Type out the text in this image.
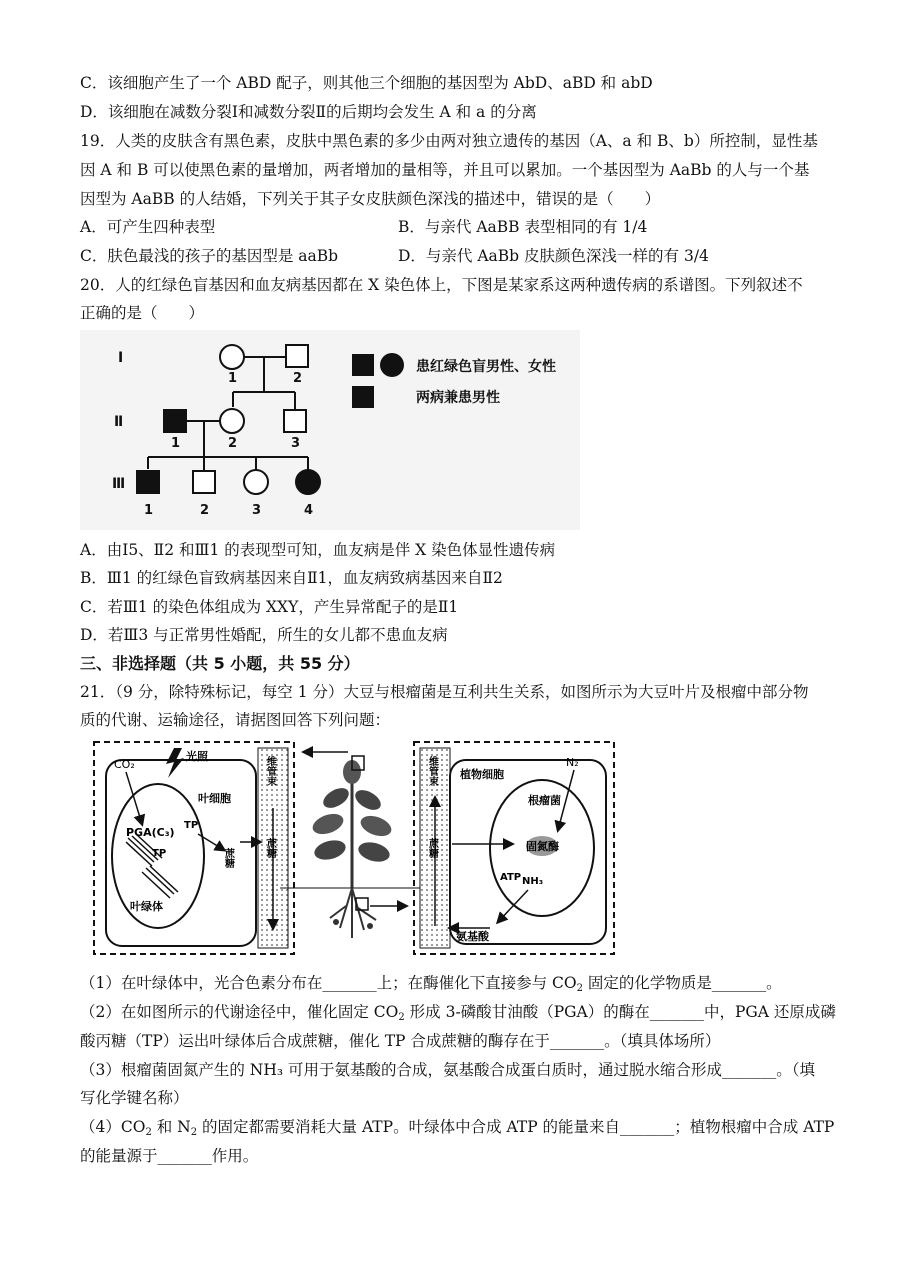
C．该细胞产生了一个 ABD 配子，则其他三个细胞的基因型为 AbD、aBD 和 abD
D．该细胞在减数分裂Ⅰ和减数分裂Ⅱ的后期均会发生 A 和 a 的分离
19．人类的皮肤含有黑色素，皮肤中黑色素的多少由两对独立遗传的基因（A、a 和 B、b）所控制，显性基
因 A 和 B 可以使黑色素的量增加，两者增加的量相等，并且可以累加。一个基因型为 AaBb 的人与一个基
因型为 AaBB 的人结婚，下列关于其子女皮肤颜色深浅的描述中，错误的是（　　）
A．可产生四种表型	B．与亲代 AaBB 表型相同的有 1/4
C．肤色最浅的孩子的基因型是 aaBb	D．与亲代 AaBb 皮肤颜色深浅一样的有 3/4
20．人的红绿色盲基因和血友病基因都在 X 染色体上，下图是某家系这两种遗传病的系谱图。下列叙述不
正确的是（　　）
Ⅰ
Ⅱ
Ⅲ
1	2
1	2	3
1	2	3	4
患红绿色盲男性、女性
两病兼患男性
A．由Ⅰ5、Ⅱ2 和Ⅲ1 的表现型可知，血友病是伴 X 染色体显性遗传病
B．Ⅲ1 的红绿色盲致病基因来自Ⅱ1，血友病致病基因来自Ⅱ2
C．若Ⅲ1 的染色体组成为 XXY，产生异常配子的是Ⅱ1
D．若Ⅲ3 与正常男性婚配，所生的女儿都不患血友病
三、非选择题（共 5 小题，共 55 分）
21．（9 分，除特殊标记，每空 1 分）大豆与根瘤菌是互利共生关系，如图所示为大豆叶片及根瘤中部分物
质的代谢、运输途径，请据图回答下列问题：
光照
CO₂
叶细胞
PGA(C₃)
TP
TP	蔗糖
叶绿体
维管束
蔗糖
维管束
蔗糖
植物细胞
根瘤菌
N₂
固氮酶
ATP NH₃
氨基酸
（1）在叶绿体中，光合色素分布在_______上；在酶催化下直接参与 $CO_2$ 固定的化学物质是_______。
（2）在如图所示的代谢途径中，催化固定 $CO_2$ 形成 3-磷酸甘油酸（PGA）的酶在_______中，PGA 还原成磷
酸丙糖（TP）运出叶绿体后合成蔗糖，催化 TP 合成蔗糖的酶存在于_______。（填具体场所）
（3）根瘤菌固氮产生的 NH₃ 可用于氨基酸的合成，氨基酸合成蛋白质时，通过脱水缩合形成_______。（填
写化学键名称）
$(4)CO_2$ 和 $N_2$ 的固定都需要消耗大量 ATP。叶绿体中合成 ATP 的能量来自_______；植物根瘤中合成 ATP
的能量源于_______作用。
